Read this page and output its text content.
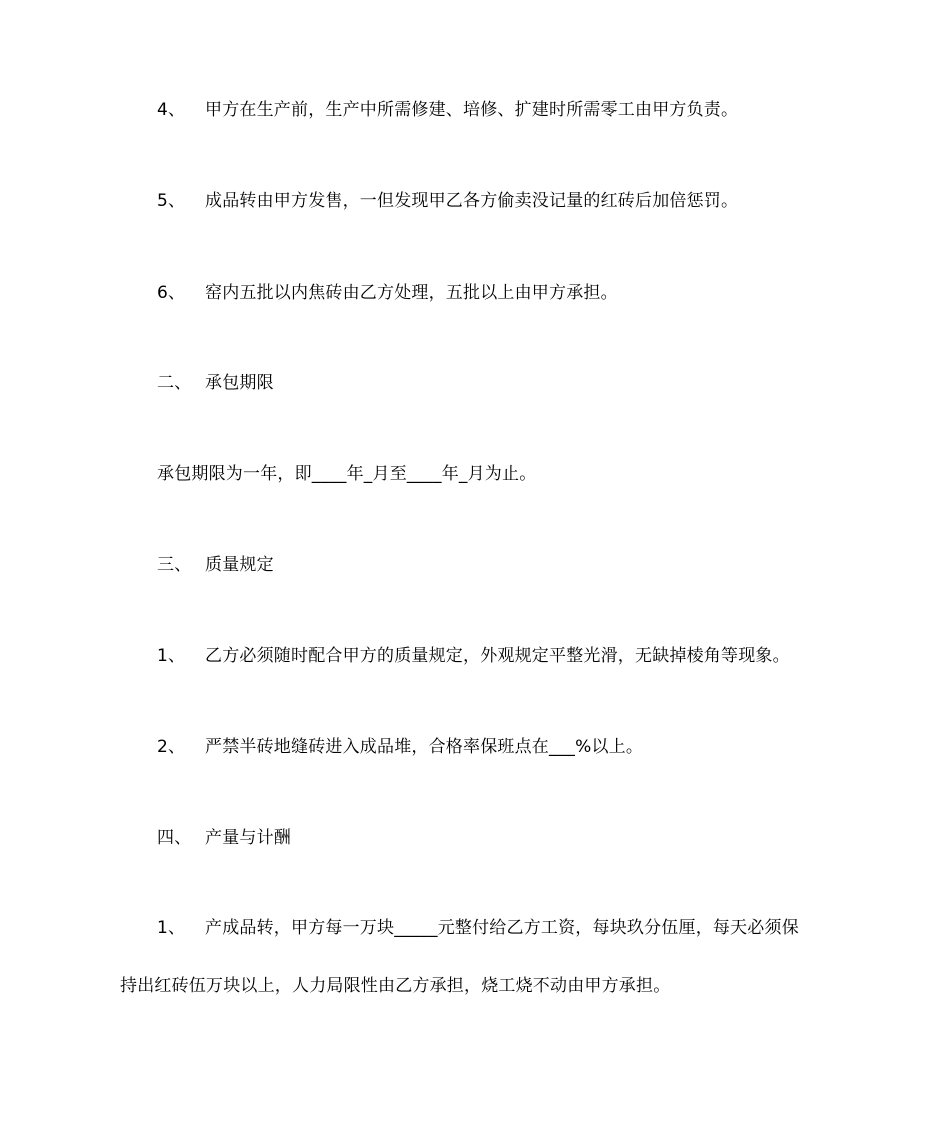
4、 甲方在生产前，生产中所需修建、培修、扩建时所需零工由甲方负责。
5、 成品转由甲方发售，一但发现甲乙各方偷卖没记量的红砖后加倍惩罚。
6、 窑内五批以内焦砖由乙方处理，五批以上由甲方承担。
二、 承包期限
承包期限为一年，即____年_月至____年_月为止。
三、 质量规定
1、 乙方必须随时配合甲方的质量规定，外观规定平整光滑，无缺掉棱角等现象。
2、 严禁半砖地缝砖进入成品堆，合格率保班点在___%以上。
四、 产量与计酬
1、 产成品转，甲方每一万块_____元整付给乙方工资，每块玖分伍厘，每天必须保
持出红砖伍万块以上，人力局限性由乙方承担，烧工烧不动由甲方承担。
